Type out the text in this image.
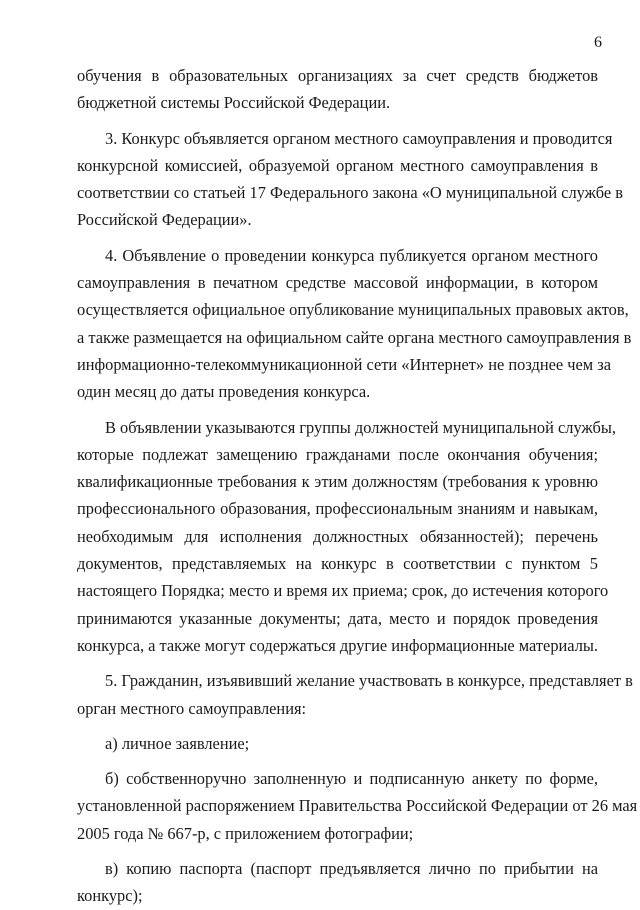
6
обучения в образовательных организациях за счет средств бюджетов
бюджетной системы Российской Федерации.
3. Конкурс объявляется органом местного самоуправления и проводится
конкурсной комиссией, образуемой органом местного самоуправления в
соответствии со статьей 17 Федерального закона «О муниципальной службе в
Российской Федерации».
4. Объявление о проведении конкурса публикуется органом местного
самоуправления в печатном средстве массовой информации, в котором
осуществляется официальное опубликование муниципальных правовых актов,
а также размещается на официальном сайте органа местного самоуправления в
информационно-телекоммуникационной сети «Интернет» не позднее чем за
один месяц до даты проведения конкурса.
В объявлении указываются группы должностей муниципальной службы,
которые подлежат замещению гражданами после окончания обучения;
квалификационные требования к этим должностям (требования к уровню
профессионального образования, профессиональным знаниям и навыкам,
необходимым для исполнения должностных обязанностей); перечень
документов, представляемых на конкурс в соответствии с пунктом 5
настоящего Порядка; место и время их приема; срок, до истечения которого
принимаются указанные документы; дата, место и порядок проведения
конкурса, а также могут содержаться другие информационные материалы.
5. Гражданин, изъявивший желание участвовать в конкурсе, представляет в
орган местного самоуправления:
а) личное заявление;
б) собственноручно заполненную и подписанную анкету по форме,
установленной распоряжением Правительства Российской Федерации от 26 мая
2005 года № 667-р, с приложением фотографии;
в) копию паспорта (паспорт предъявляется лично по прибытии на
конкурс);
